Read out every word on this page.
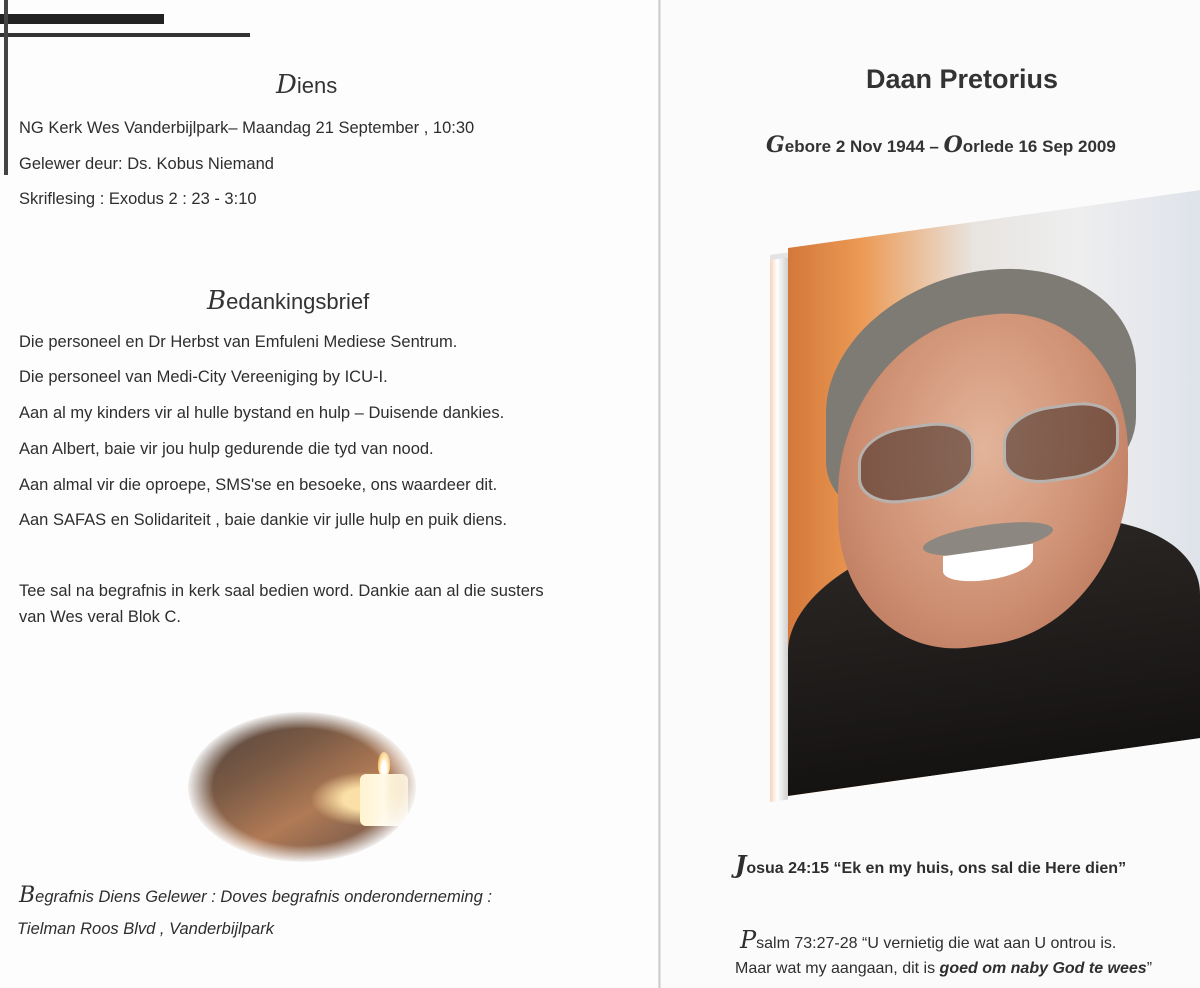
Diens
NG Kerk Wes Vanderbijlpark– Maandag 21 September , 10:30
Gelewer deur: Ds. Kobus Niemand
Skriflesing : Exodus 2 : 23 - 3:10
Bedankingsbrief
Die personeel en Dr Herbst van Emfuleni Mediese Sentrum.
Die personeel van Medi-City Vereeniging by ICU-I.
Aan al my kinders vir al hulle bystand en hulp – Duisende dankies.
Aan Albert, baie vir jou hulp gedurende die tyd van nood.
Aan almal vir die oproepe, SMS'se en besoeke, ons waardeer dit.
Aan SAFAS en Solidariteit , baie dankie vir julle hulp en puik diens.
Tee sal na begrafnis in kerk saal bedien word. Dankie aan al die susters
van Wes veral Blok C.
Begrafnis Diens Gelewer : Doves begrafnis onderonderneming :
Tielman Roos Blvd , Vanderbijlpark
Daan Pretorius
Gebore 2 Nov 1944 – Oorlede 16 Sep 2009
Josua 24:15 “Ek en my huis, ons sal die Here dien”
Psalm 73:27-28 “U vernietig die wat aan U ontrou is.
Maar wat my aangaan, dit is goed om naby God te wees”
